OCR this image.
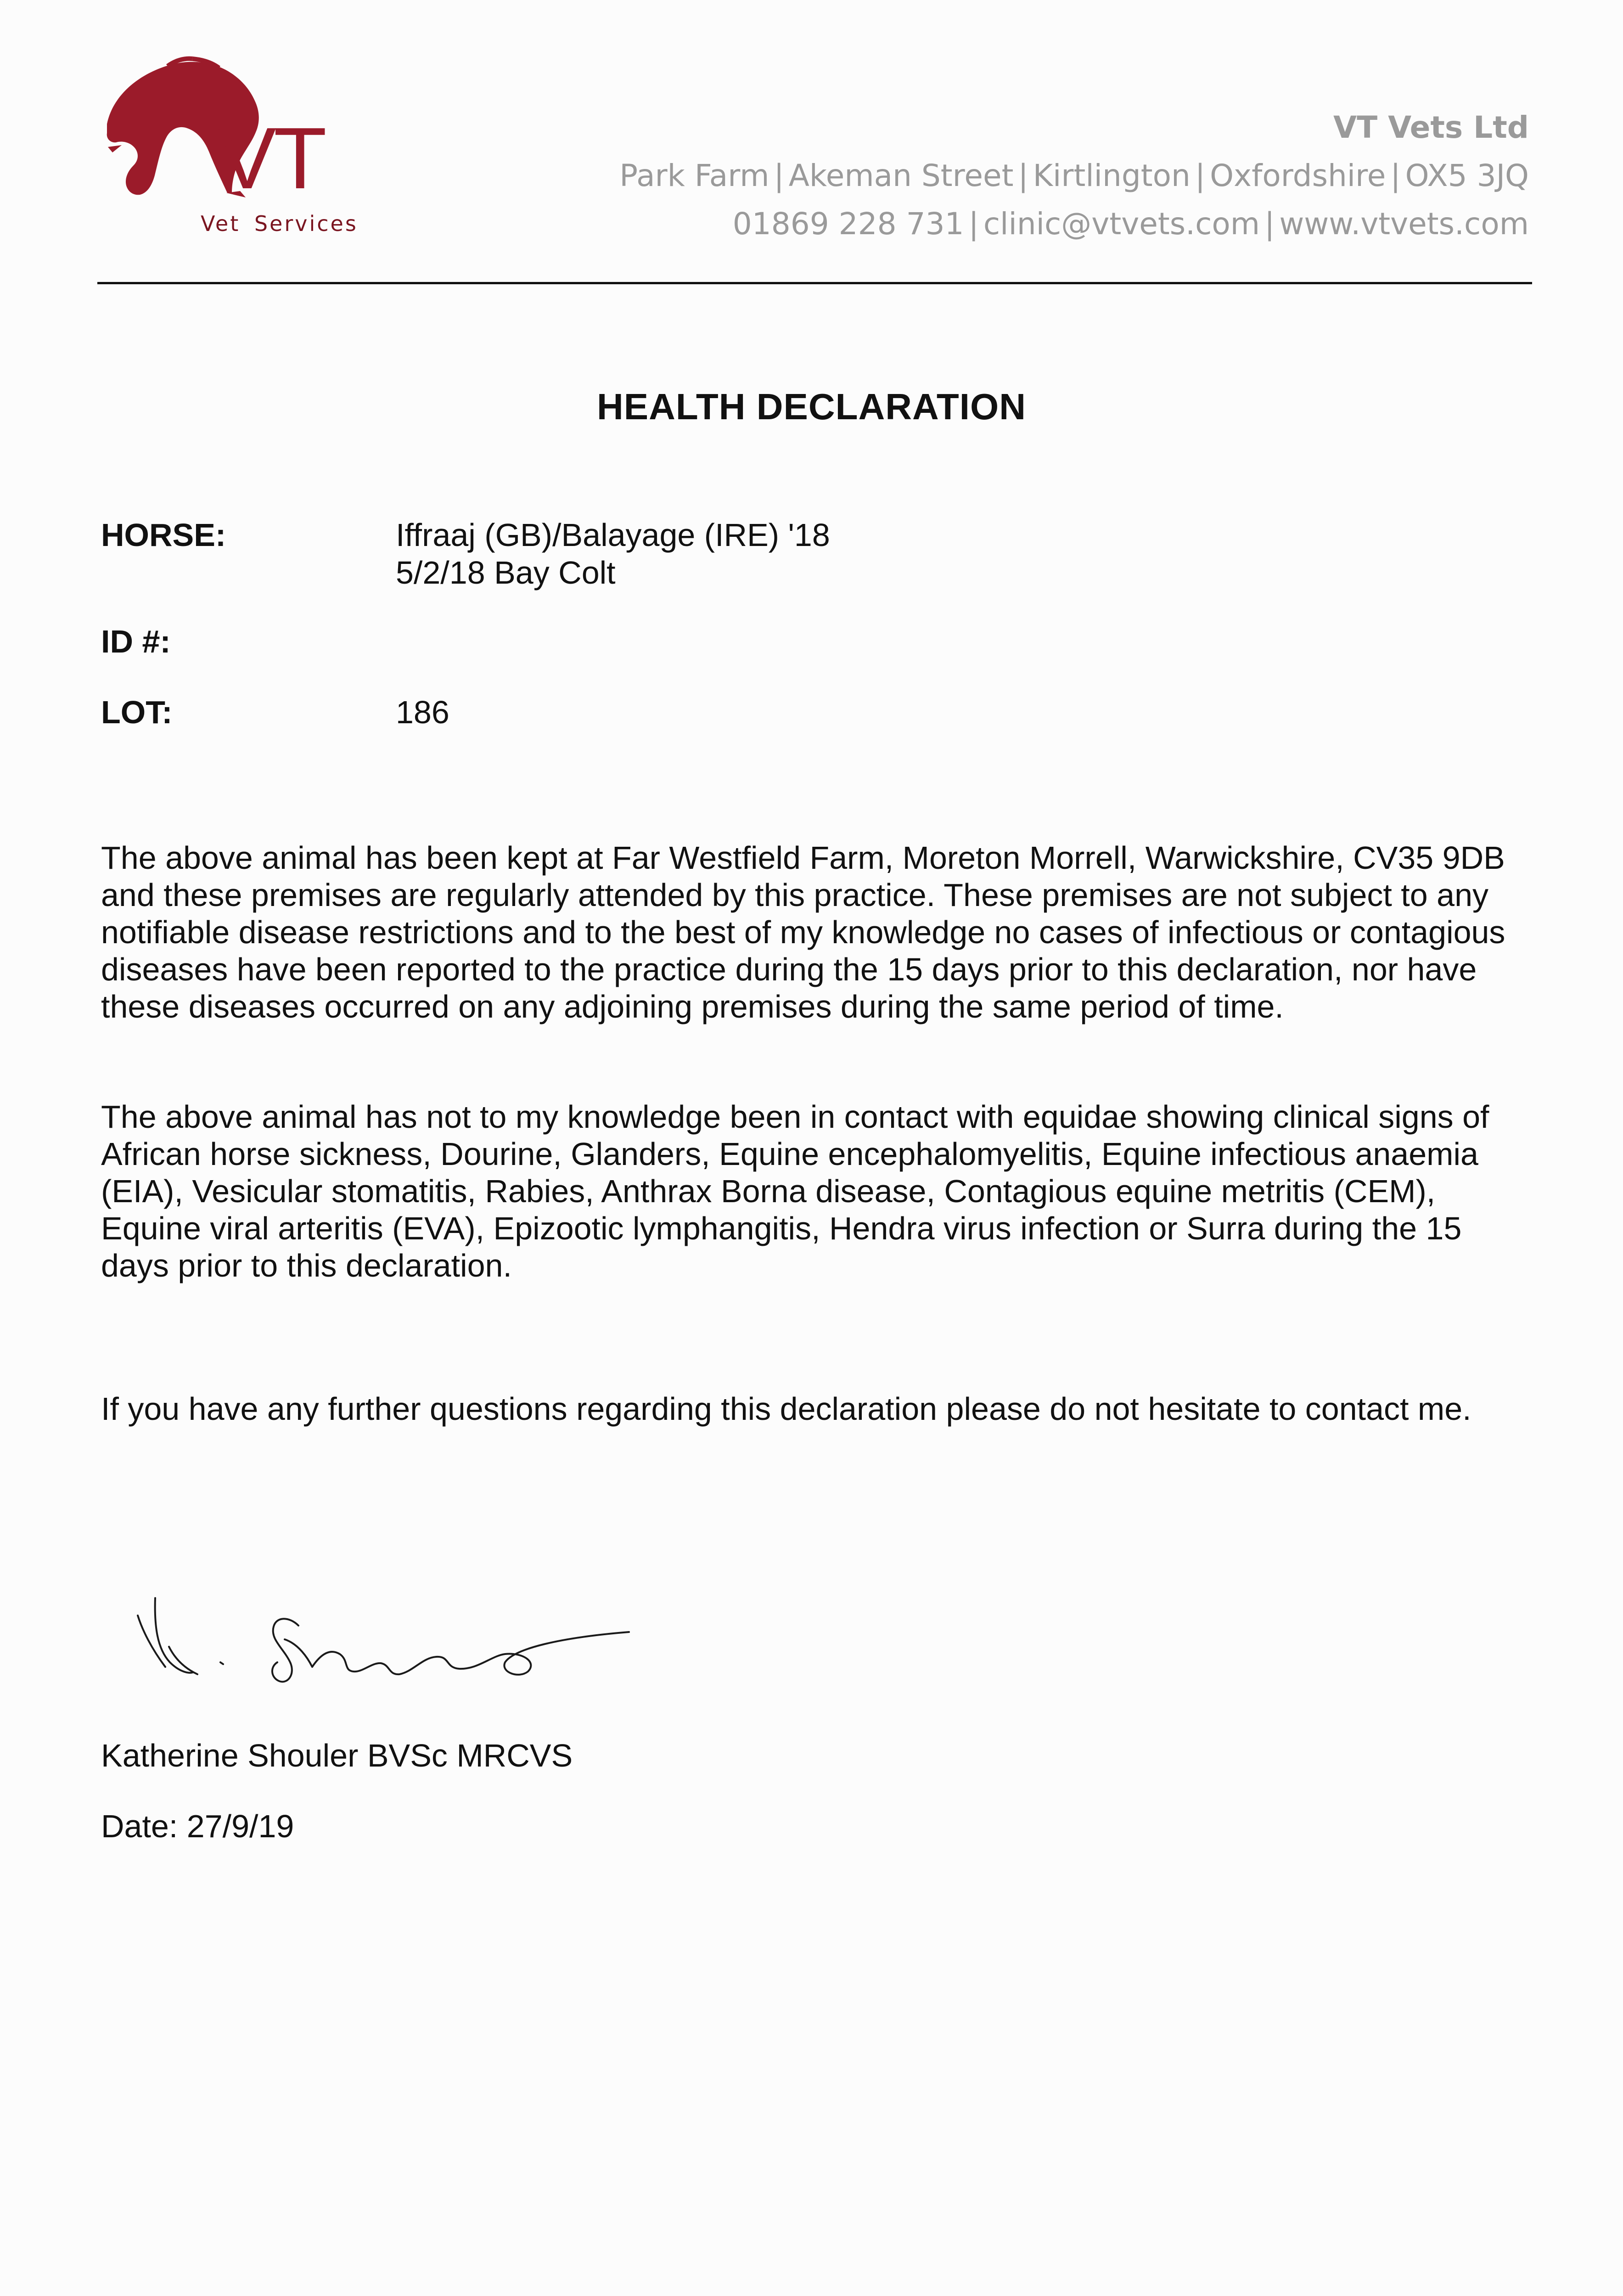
VT
Vet Services
VT Vets Ltd
Park Farm | Akeman Street | Kirtlington | Oxfordshire | OX5 3JQ
01869 228 731 | clinic@vtvets.com | www.vtvets.com
HEALTH DECLARATION
HORSE:	Iffraaj (GB)/Balayage (IRE) '18
5/2/18 Bay Colt
ID #:
LOT:	186

The above animal has been kept at Far Westfield Farm, Moreton Morrell, Warwickshire, CV35 9DB and these premises are regularly attended by this practice. These premises are not subject to any notifiable disease restrictions and to the best of my knowledge no cases of infectious or contagious diseases have been reported to the practice during the 15 days prior to this declaration, nor have these diseases occurred on any adjoining premises during the same period of time.

The above animal has not to my knowledge been in contact with equidae showing clinical signs of African horse sickness, Dourine, Glanders, Equine encephalomyelitis, Equine infectious anaemia (EIA), Vesicular stomatitis, Rabies, Anthrax Borna disease, Contagious equine metritis (CEM), Equine viral arteritis (EVA), Epizootic lymphangitis, Hendra virus infection or Surra during the 15 days prior to this declaration.

If you have any further questions regarding this declaration please do not hesitate to contact me.

Katherine Shouler BVSc MRCVS
Date: 27/9/19
